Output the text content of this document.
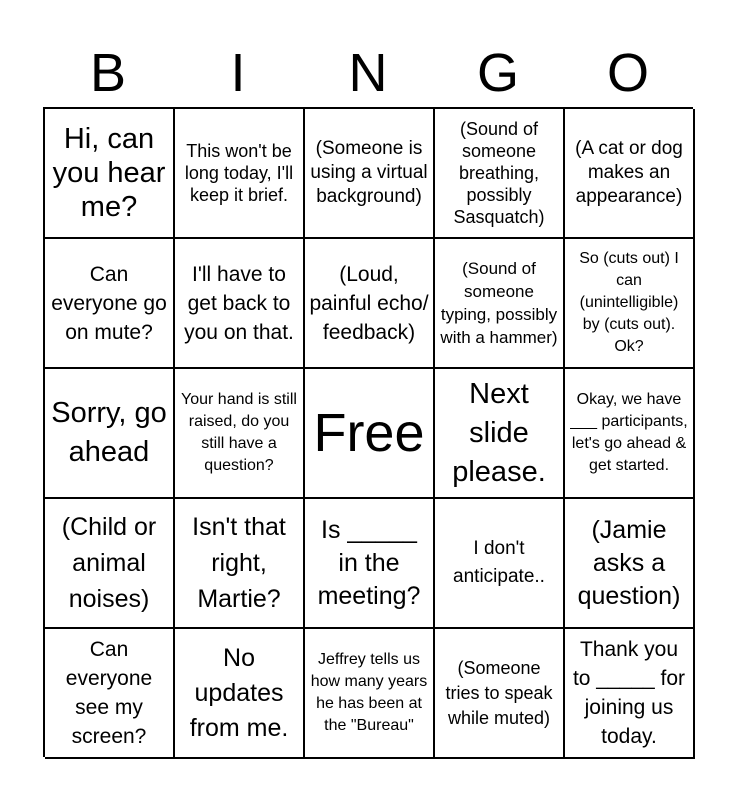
B	I	N	G	O
Hi, can you hear me?
This won't be long today, I'll keep it brief.
(Someone is using a virtual background)
(Sound of someone breathing, possibly Sasquatch)
(A cat or dog makes an appearance)
Can everyone go on mute?
I'll have to get back to you on that.
(Loud, painful echo/ feedback)
(Sound of someone typing, possibly with a hammer)
So (cuts out) I can (unintelligible) by (cuts out). Ok?
Sorry, go ahead
Your hand is still raised, do you still have a question?
Free
Next slide please.
Okay, we have ___ participants, let's go ahead & get started.
(Child or animal noises)
Isn't that right, Martie?
Is _____ in the meeting?
I don't anticipate..
(Jamie asks a question)
Can everyone see my screen?
No updates from me.
Jeffrey tells us how many years he has been at the "Bureau"
(Someone tries to speak while muted)
Thank you to _____ for joining us today.
